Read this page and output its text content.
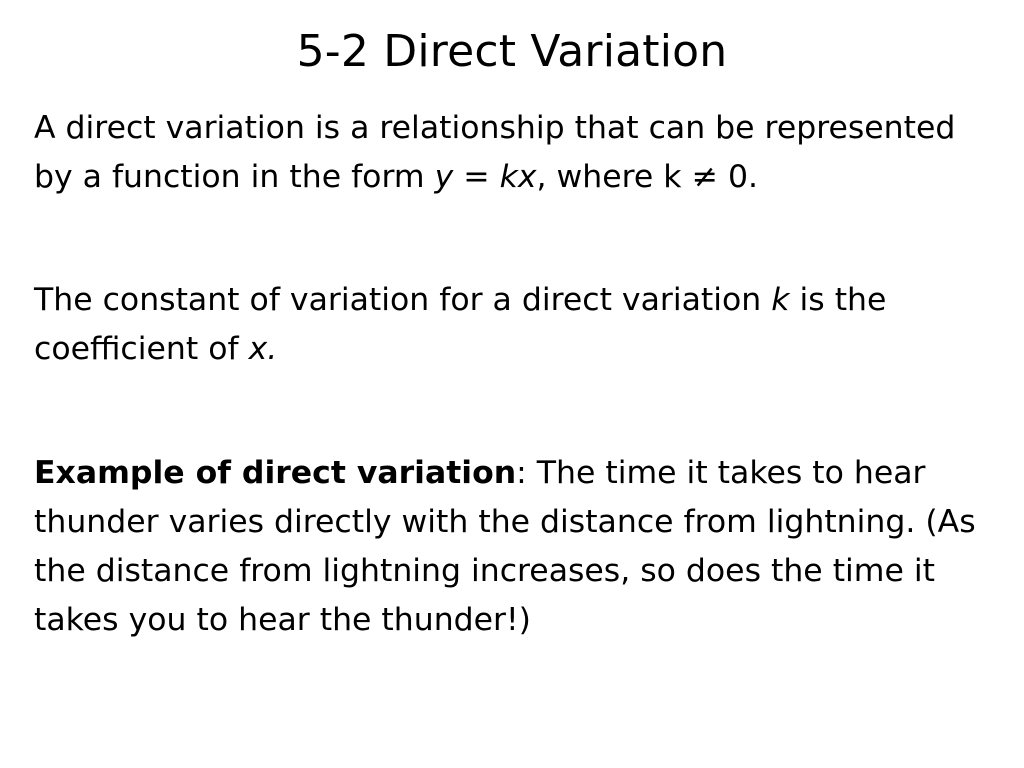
5-2 Direct Variation

A direct variation is a relationship that can be represented by a function in the form y = kx, where k ≠ 0.

The constant of variation for a direct variation k is the coefficient of x.

Example of direct variation: The time it takes to hear thunder varies directly with the distance from lightning. (As the distance from lightning increases, so does the time it takes you to hear the thunder!)
